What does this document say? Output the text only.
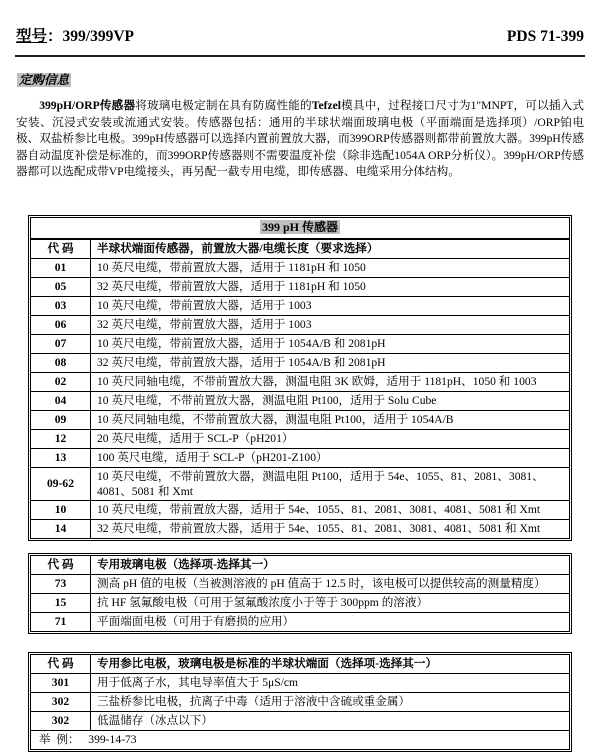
型号：399/399VP	PDS 71-399
定购信息

399pH/ORP传感器将玻璃电极定制在具有防腐性能的Tefzel模具中，过程接口尺寸为1"MNPT，可以插入式安装、沉浸式安装或流通式安装。传感器包括：通用的半球状端面玻璃电极（平面端面是选择项）/ORP铂电极、双盐桥参比电极。399pH传感器可以选择内置前置放大器，而399ORP传感器则都带前置放大器。399pH传感器自动温度补偿是标准的，而399ORP传感器则不需要温度补偿（除非选配1054A ORP分析仪）。399pH/ORP传感器都可以选配成带VP电缆接头，再另配一截专用电缆，即传感器、电缆采用分体结构。

399 pH 传感器	
代 码	半球状端面传感器，前置放大器/电缆长度（要求选择）
01	10 英尺电缆，带前置放大器，适用于 1181pH 和 1050
05	32 英尺电缆，带前置放大器，适用于 1181pH 和 1050
03	10 英尺电缆，带前置放大器，适用于 1003
06	32 英尺电缆，带前置放大器，适用于 1003
07	10 英尺电缆，带前置放大器，适用于 1054A/B 和 2081pH
08	32 英尺电缆，带前置放大器，适用于 1054A/B 和 2081pH
02	10 英尺同轴电缆，不带前置放大器，测温电阻 3K 欧姆，适用于 1181pH、1050 和 1003
04	10 英尺电缆，不带前置放大器，测温电阻 Pt100，适用于 Solu Cube
09	10 英尺同轴电缆，不带前置放大器，测温电阻 Pt100，适用于 1054A/B
12	20 英尺电缆，适用于 SCL-P（pH201）
13	100 英尺电缆，适用于 SCL-P（pH201-Z100）
09-62	10 英尺电缆，不带前置放大器，测温电阻 Pt100，适用于 54e、1055、81、2081、3081、4081、5081 和 Xmt
10	10 英尺电缆，带前置放大器，适用于 54e、1055、81、2081、3081、4081、5081 和 Xmt
14	32 英尺电缆，带前置放大器，适用于 54e、1055、81、2081、3081、4081、5081 和 Xmt
代 码	专用玻璃电极（选择项-选择其一）
73	测高 pH 值的电极（当被测溶液的 pH 值高于 12.5 时，该电极可以提供较高的测量精度）
15	抗 HF 氢氟酸电极（可用于氢氟酸浓度小于等于 300ppm 的溶液）
71	平面端面电极（可用于有磨损的应用）
代 码	专用参比电极，玻璃电极是标准的半球状端面（选择项-选择其一）
301	用于低离子水，其电导率值大于 5μS/cm
302	三盐桥参比电极，抗离子中毒（适用于溶液中含硫或重金属）
302	低温储存（冰点以下）
举  例：   399-14-73	
